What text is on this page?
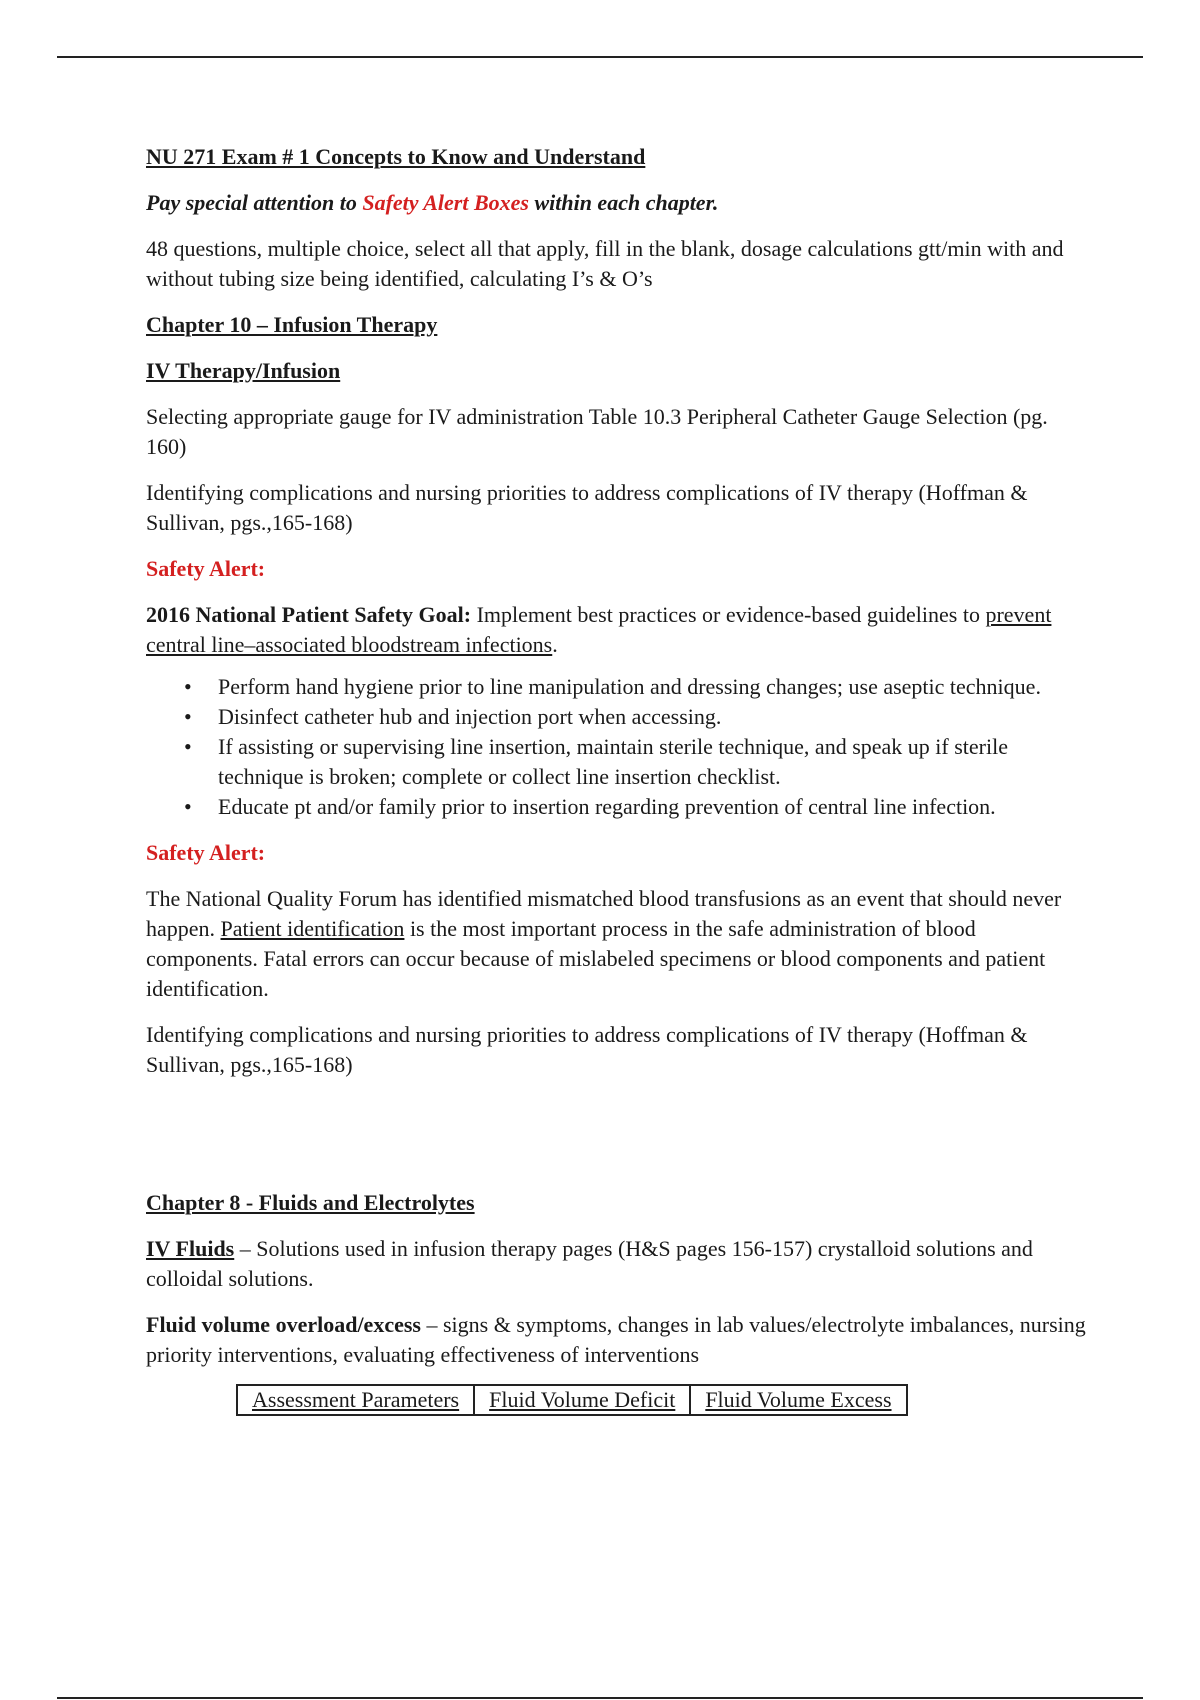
NU 271 Exam # 1 Concepts to Know and Understand

Pay special attention to Safety Alert Boxes within each chapter.

48 questions, multiple choice, select all that apply, fill in the blank, dosage calculations gtt/min with and without tubing size being identified, calculating I’s & O’s

Chapter 10 – Infusion Therapy

IV Therapy/Infusion

Selecting appropriate gauge for IV administration Table 10.3 Peripheral Catheter Gauge Selection (pg. 160)

Identifying complications and nursing priorities to address complications of IV therapy (Hoffman & Sullivan, pgs.,165-168)

Safety Alert:

2016 National Patient Safety Goal: Implement best practices or evidence-based guidelines to prevent central line–associated bloodstream infections.

• Perform hand hygiene prior to line manipulation and dressing changes; use aseptic technique.
• Disinfect catheter hub and injection port when accessing.
• If assisting or supervising line insertion, maintain sterile technique, and speak up if sterile technique is broken; complete or collect line insertion checklist.
• Educate pt and/or family prior to insertion regarding prevention of central line infection.

Safety Alert:

The National Quality Forum has identified mismatched blood transfusions as an event that should never happen. Patient identification is the most important process in the safe administration of blood components. Fatal errors can occur because of mislabeled specimens or blood components and patient identification.

Identifying complications and nursing priorities to address complications of IV therapy (Hoffman & Sullivan, pgs.,165-168)

Chapter 8 - Fluids and Electrolytes

IV Fluids – Solutions used in infusion therapy pages (H&S pages 156-157) crystalloid solutions and colloidal solutions.

Fluid volume overload/excess – signs & symptoms, changes in lab values/electrolyte imbalances, nursing priority interventions, evaluating effectiveness of interventions

Assessment Parameters	Fluid Volume Deficit	Fluid Volume Excess
